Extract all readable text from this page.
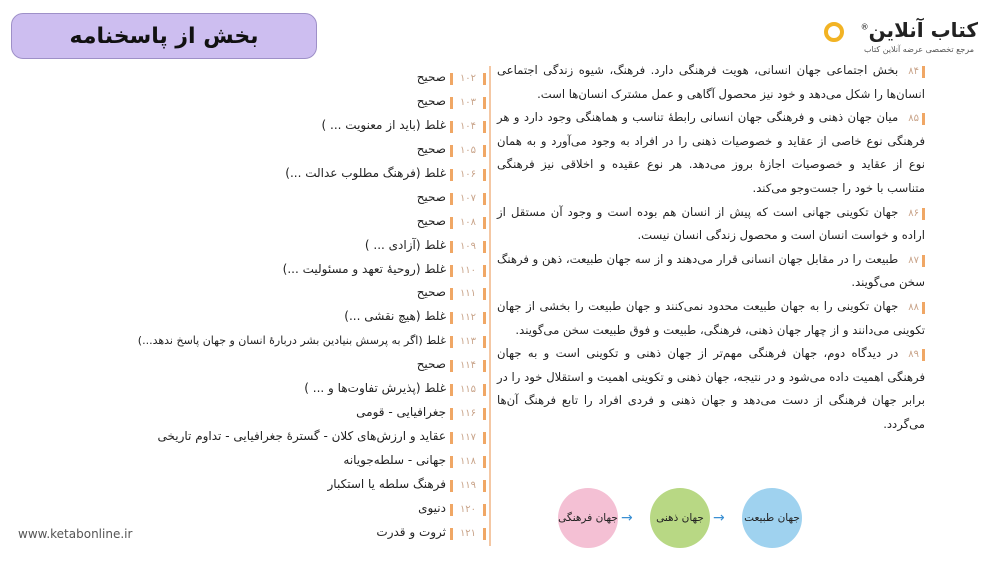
بخش از پاسخنامه	کتاب آنلاین®
مرجع تخصصی عرضه آنلاین کتاب

۸۴بخش اجتماعی جهان انسانی، هویت فرهنگی دارد. فرهنگ، شیوه زندگی اجتماعی انسان‌ها را شکل می‌دهد و خود نیز محصول آگاهی و عمل مشترک انسان‌ها است.

۸۵میان جهان ذهنی و فرهنگی جهان انسانی رابطهٔ تناسب و هماهنگی وجود دارد و هر فرهنگی نوع خاصی از عقاید و خصوصیات ذهنی را در افراد به وجود می‌آورد و به همان نوع از عقاید و خصوصیات اجازهٔ بروز می‌دهد. هر نوع عقیده و اخلاقی نیز فرهنگی متناسب با خود را جست‌وجو می‌کند.

۸۶جهان تکوینی جهانی است که پیش از انسان هم بوده است و وجود آن مستقل از اراده و خواست انسان است و محصول زندگی انسان نیست.

۸۷طبیعت را در مقابل جهان انسانی قرار می‌دهند و از سه جهان طبیعت، ذهن و فرهنگ سخن می‌گویند.

۸۸جهان تکوینی را به جهان طبیعت محدود نمی‌کنند و جهان طبیعت را بخشی از جهان تکوینی می‌دانند و از چهار جهان ذهنی، فرهنگی، طبیعت و فوق طبیعت سخن می‌گویند.

۸۹در دیدگاه دوم، جهان فرهنگی مهم‌تر از جهان ذهنی و تکوینی است و به جهان فرهنگی اهمیت داده می‌شود و در نتیجه، جهان ذهنی و تکوینی اهمیت و استقلال خود را در برابر جهان فرهنگی از دست می‌دهد و جهان ذهنی و فردی افراد را تابع فرهنگ آن‌ها می‌گردد.

جهان فرهنگی → جهان ذهنی → جهان طبیعت
۱۰۲صحیح
۱۰۳صحیح
۱۰۴غلط (باید از معنویت ... )
۱۰۵صحیح
۱۰۶غلط (فرهنگ مطلوب عدالت ...)
۱۰۷صحیح
۱۰۸صحیح
۱۰۹غلط (آزادی ... )
۱۱۰غلط (روحیهٔ تعهد و مسئولیت ...)
۱۱۱صحیح
۱۱۲غلط (هیچ نقشی ...)
۱۱۳غلط (اگر به پرسش بنیادین بشر دربارهٔ انسان و جهان پاسخ ندهد...)
۱۱۴صحیح
۱۱۵غلط (پذیرش تفاوت‌ها و ... )
۱۱۶جغرافیایی - قومی
۱۱۷عقاید و ارزش‌های کلان - گسترهٔ جغرافیایی - تداوم تاریخی
۱۱۸جهانی - سلطه‌جویانه
۱۱۹فرهنگ سلطه یا استکبار
۱۲۰دنیوی
۱۲۱ثروت و قدرت
www.ketabonline.ir
